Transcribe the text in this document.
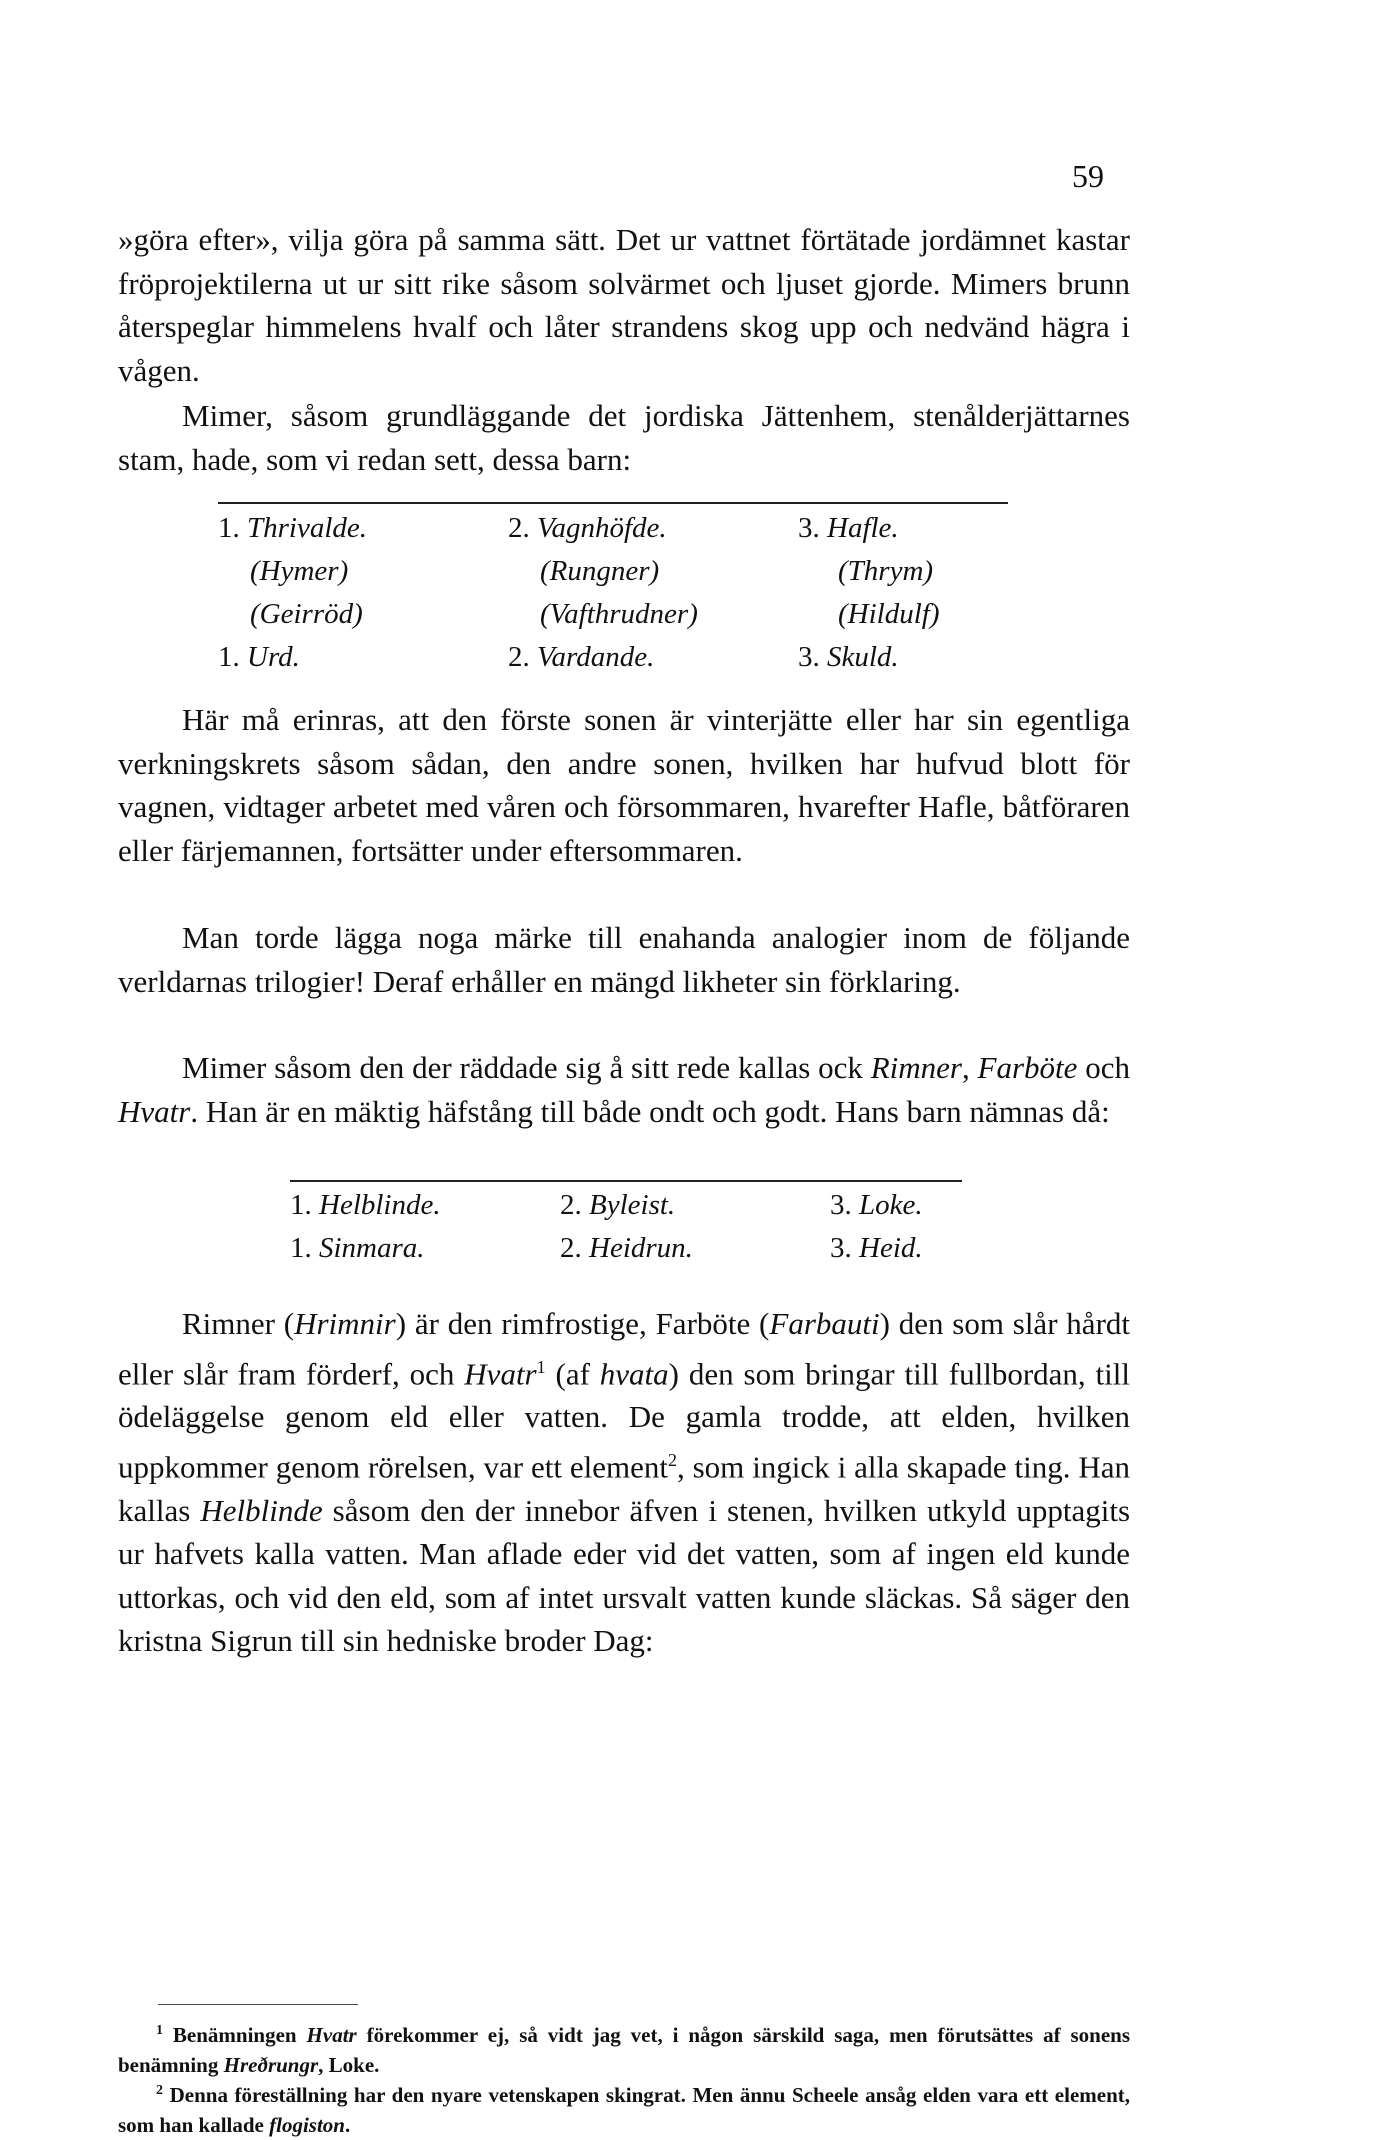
59

»göra efter», vilja göra på samma sätt. Det ur vattnet förtätade jordämnet kastar fröprojektilerna ut ur sitt rike såsom solvärmet och ljuset gjorde. Mimers brunn återspeglar himmelens hvalf och låter strandens skog upp och nedvänd hägra i vågen.

Mimer, såsom grundläggande det jordiska Jättenhem, stenålderjättarnes stam, hade, som vi redan sett, dessa barn:

1. Thrivalde.	2. Vagnhöfde.	3. Hafle.
(Hymer)	(Rungner)	(Thrym)
(Geirröd)	(Vafthrudner)	(Hildulf)
1. Urd.	2. Vardande.	3. Skuld.

Här må erinras, att den förste sonen är vinterjätte eller har sin egentliga verkningskrets såsom sådan, den andre sonen, hvilken har hufvud blott för vagnen, vidtager arbetet med våren och försommaren, hvarefter Hafle, båtföraren eller färjemannen, fortsätter under eftersommaren.

Man torde lägga noga märke till enahanda analogier inom de följande verldarnas trilogier! Deraf erhåller en mängd likheter sin förklaring.

Mimer såsom den der räddade sig å sitt rede kallas ock Rimner, Farböte och Hvatr. Han är en mäktig häfstång till både ondt och godt. Hans barn nämnas då:

1. Helblinde.	2. Byleist.	3. Loke.
1. Sinmara.	2. Heidrun.	3. Heid.

Rimner (Hrimnir) är den rimfrostige, Farböte (Farbauti) den som slår hårdt eller slår fram förderf, och Hvatr$^1$ (af hvata) den som bringar till fullbordan, till ödeläggelse genom eld eller vatten. De gamla trodde, att elden, hvilken uppkommer genom rörelsen, var ett element$^2$, som ingick i alla skapade ting. Han kallas Helblinde såsom den der innebor äfven i stenen, hvilken utkyld upptagits ur hafvets kalla vatten. Man aflade eder vid det vatten, som af ingen eld kunde uttorkas, och vid den eld, som af intet ursvalt vatten kunde släckas. Så säger den kristna Sigrun till sin hedniske broder Dag:

$^1$ Benämningen Hvatr förekommer ej, så vidt jag vet, i någon särskild saga, men förutsättes af sonens benämning Hreðrungr, Loke.

$^2$ Denna föreställning har den nyare vetenskapen skingrat. Men ännu Scheele ansåg elden vara ett element, som han kallade flogiston.
